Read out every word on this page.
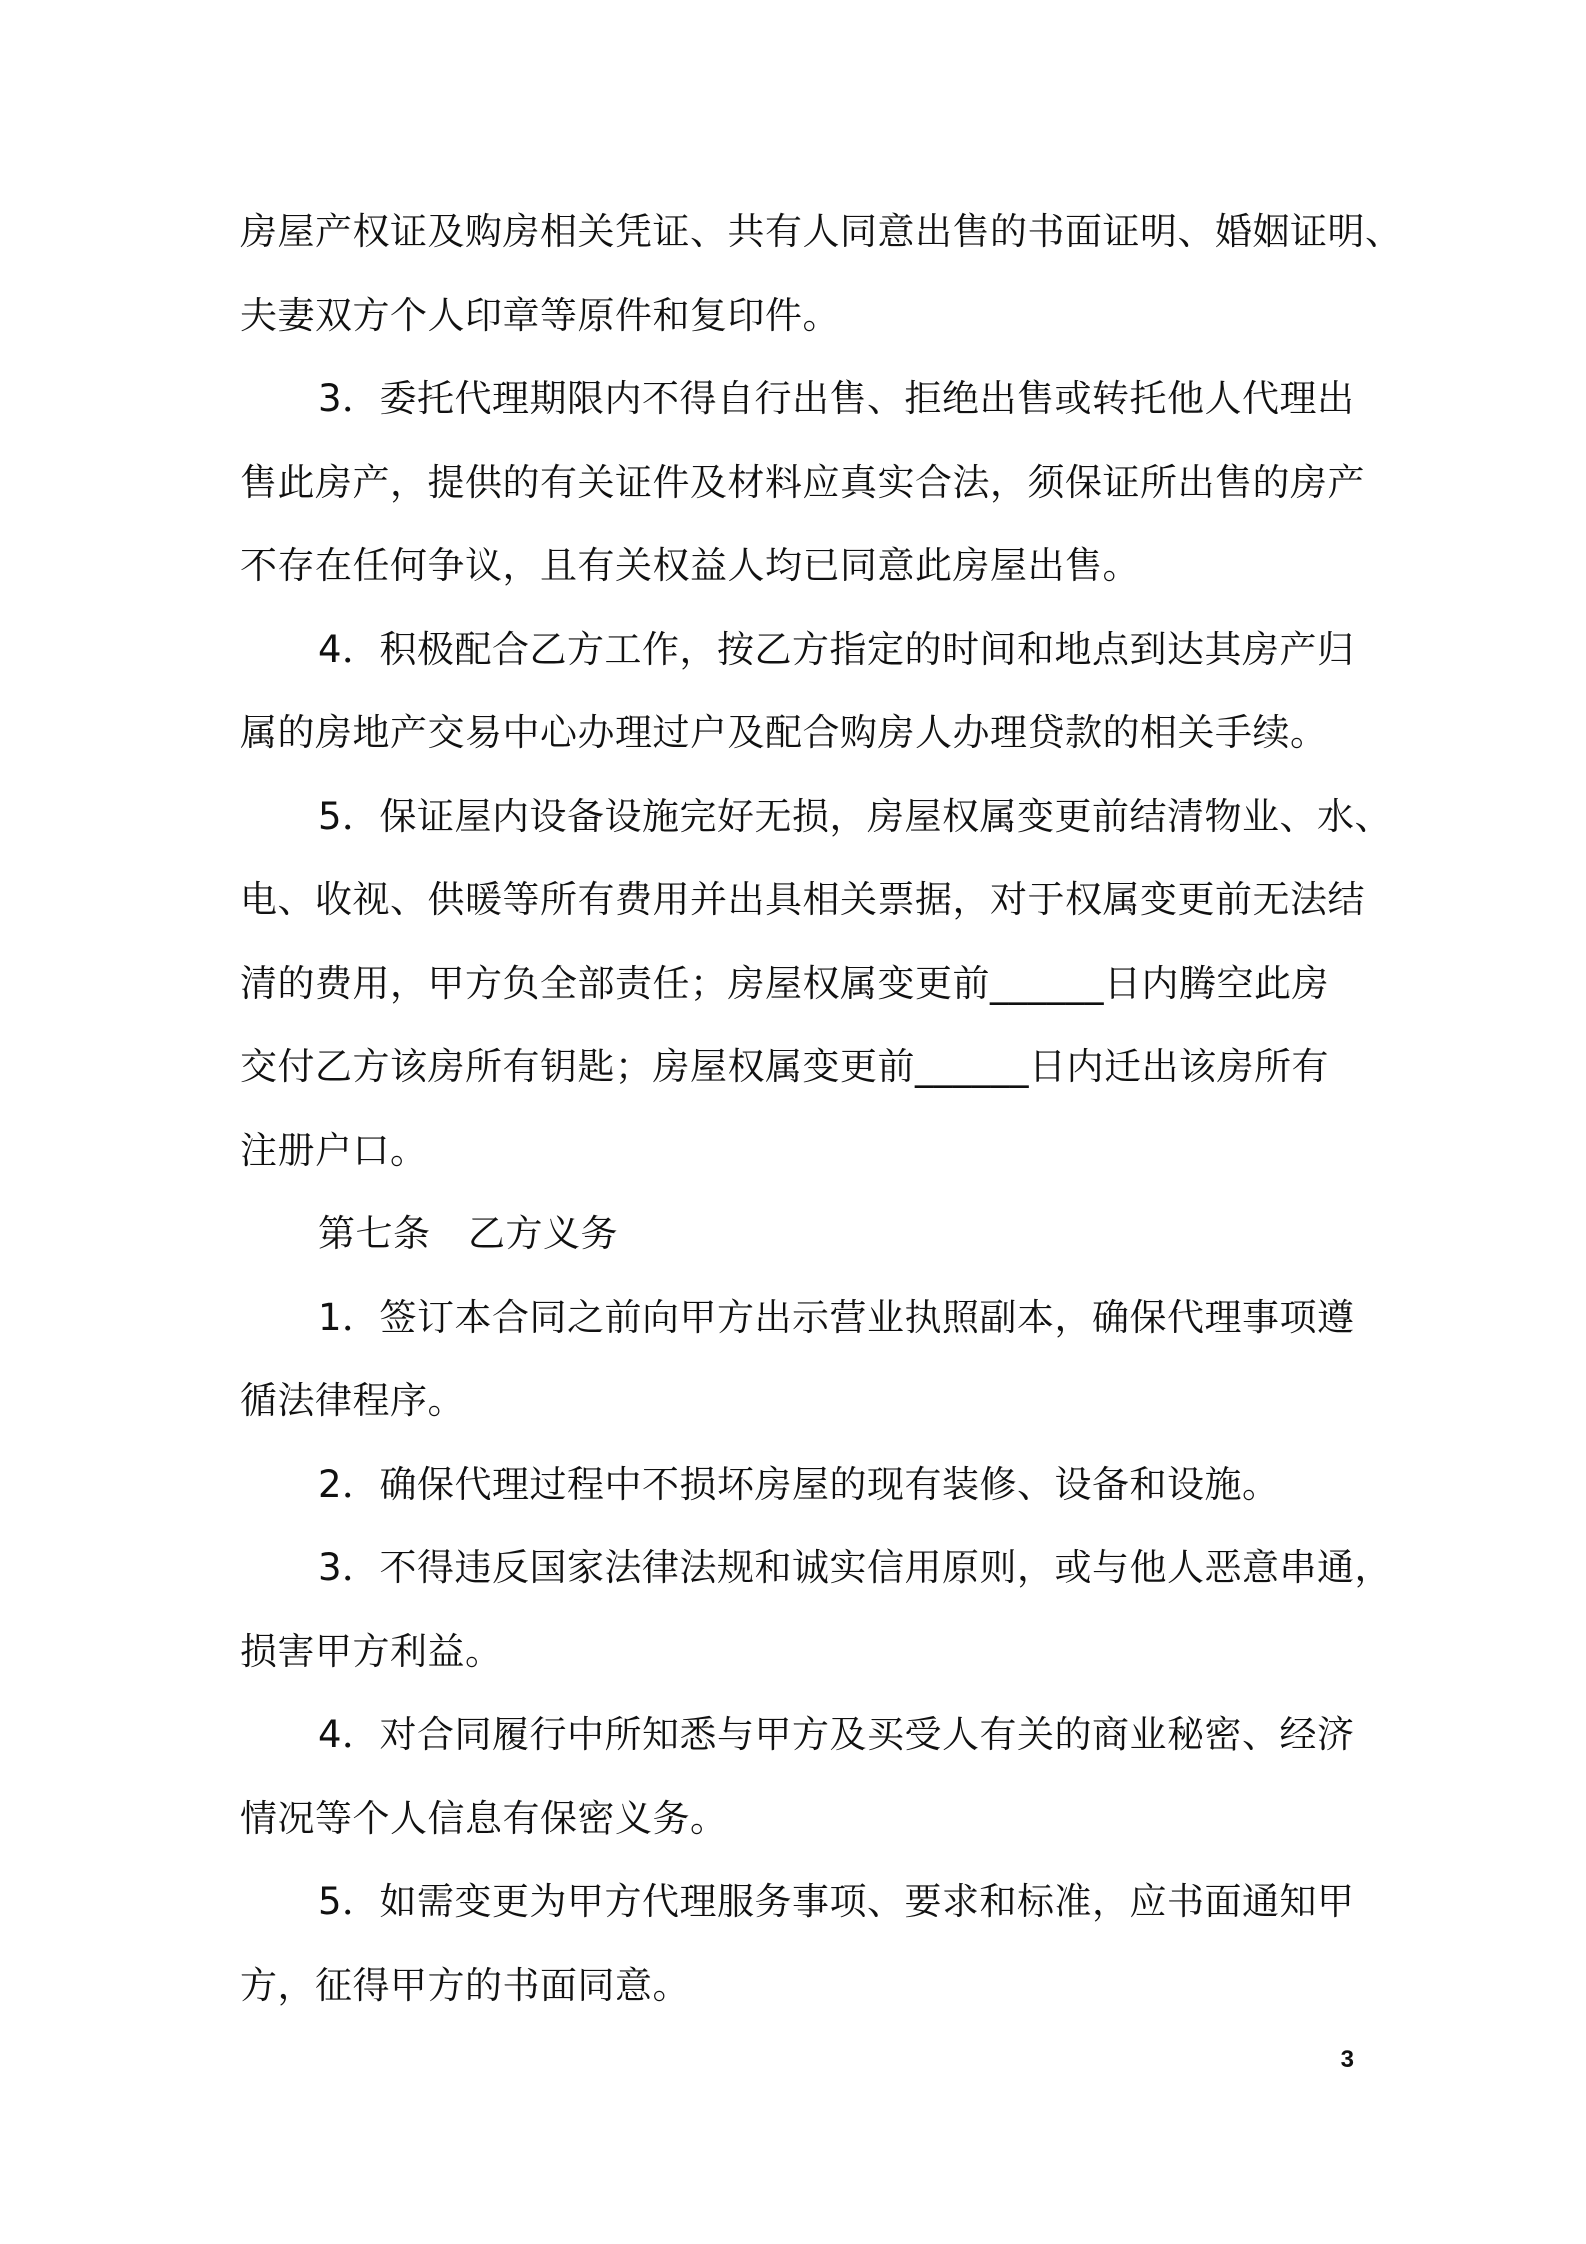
房屋产权证及购房相关凭证、共有人同意出售的书面证明、婚姻证明、
夫妻双方个人印章等原件和复印件。
3．委托代理期限内不得自行出售、拒绝出售或转托他人代理出
售此房产，提供的有关证件及材料应真实合法，须保证所出售的房产
不存在任何争议，且有关权益人均已同意此房屋出售。
4．积极配合乙方工作，按乙方指定的时间和地点到达其房产归
属的房地产交易中心办理过户及配合购房人办理贷款的相关手续。
5．保证屋内设备设施完好无损，房屋权属变更前结清物业、水、
电、收视、供暖等所有费用并出具相关票据，对于权属变更前无法结
清的费用，甲方负全部责任；房屋权属变更前______日内腾空此房
交付乙方该房所有钥匙；房屋权属变更前______日内迁出该房所有
注册户口。
第七条　乙方义务
1．签订本合同之前向甲方出示营业执照副本，确保代理事项遵
循法律程序。
2．确保代理过程中不损坏房屋的现有装修、设备和设施。
3．不得违反国家法律法规和诚实信用原则，或与他人恶意串通，
损害甲方利益。
4．对合同履行中所知悉与甲方及买受人有关的商业秘密、经济
情况等个人信息有保密义务。
5．如需变更为甲方代理服务事项、要求和标准，应书面通知甲
方，征得甲方的书面同意。
3
